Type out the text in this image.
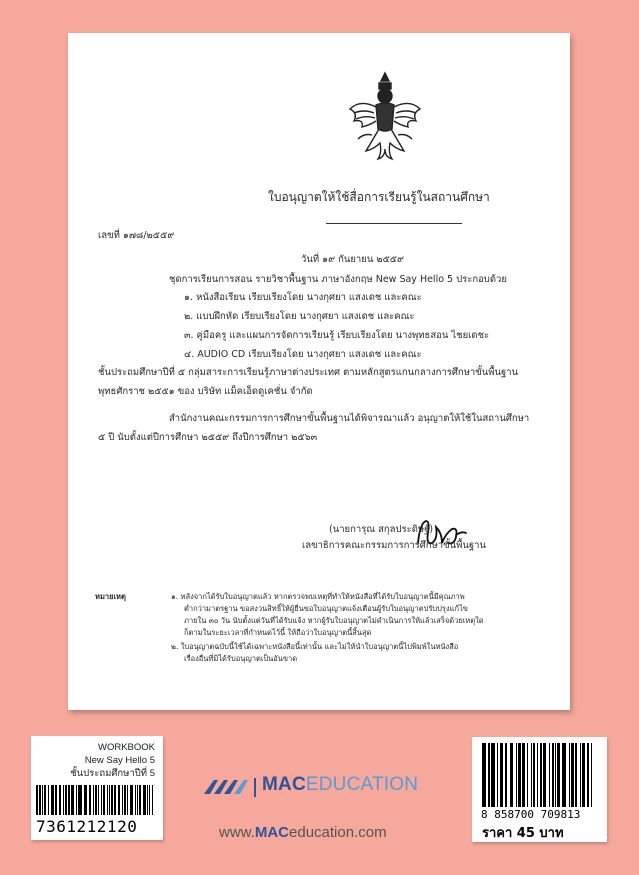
ใบอนุญาตให้ใช้สื่อการเรียนรู้ในสถานศึกษา
เลขที่ ๑๗๘/๒๕๕๙
วันที่ ๑๙ กันยายน ๒๕๕๙
ชุดการเรียนการสอน รายวิชาพื้นฐาน ภาษาอังกฤษ New Say Hello 5 ประกอบด้วย
๑. หนังสือเรียน เรียบเรียงโดย นางกุศยา แสงเดช และคณะ
๒. แบบฝึกหัด เรียบเรียงโดย นางกุศยา แสงเดช และคณะ
๓. คู่มือครู และแผนการจัดการเรียนรู้ เรียบเรียงโดย นางพุทธสอน ไชยเดชะ
๔. AUDIO CD เรียบเรียงโดย นางกุศยา แสงเดช และคณะ
ชั้นประถมศึกษาปีที่ ๕ กลุ่มสาระการเรียนรู้ภาษาต่างประเทศ ตามหลักสูตรแกนกลางการศึกษาขั้นพื้นฐาน
พุทธศักราช ๒๕๕๑ ของ บริษัท แม็คเอ็ดดูเคชั่น จำกัด
สำนักงานคณะกรรมการการศึกษาขั้นพื้นฐานได้พิจารณาแล้ว อนุญาตให้ใช้ในสถานศึกษา
๕ ปี นับตั้งแต่ปีการศึกษา ๒๕๕๙ ถึงปีการศึกษา ๒๕๖๓
(นายการุณ สกุลประดิษฐ์)
เลขาธิการคณะกรรมการการศึกษาขั้นพื้นฐาน
หมายเหตุ	๑. หลังจากได้รับใบอนุญาตแล้ว หากตรวจพบเหตุที่ทำให้หนังสือที่ได้รับใบอนุญาตนี้มีคุณภาพ
ต่ำกว่ามาตรฐาน ขอสงวนสิทธิ์ให้ผู้ยื่นขอใบอนุญาตแจ้งเตือนผู้รับใบอนุญาตปรับปรุงแก้ไข
ภายใน ๓๐ วัน นับตั้งแต่วันที่ได้รับแจ้ง หากผู้รับใบอนุญาตไม่ดำเนินการให้แล้วเสร็จด้วยเหตุใด
ก็ตามในระยะเวลาที่กำหนดไว้นี้ ให้ถือว่าใบอนุญาตนี้สิ้นสุด
๒. ใบอนุญาตฉบับนี้ใช้ได้เฉพาะหนังสือนี้เท่านั้น และไม่ให้นำใบอนุญาตนี้ไปพิมพ์ในหนังสือ
เรื่องอื่นที่มิได้รับอนุญาตเป็นอันขาด
WORKBOOK
New Say Hello 5
ชั้นประถมศึกษาปีที่ 5
7361212120
MACEDUCATION
www.MACeducation.com
8 858700 709813
ราคา 45 บาท
